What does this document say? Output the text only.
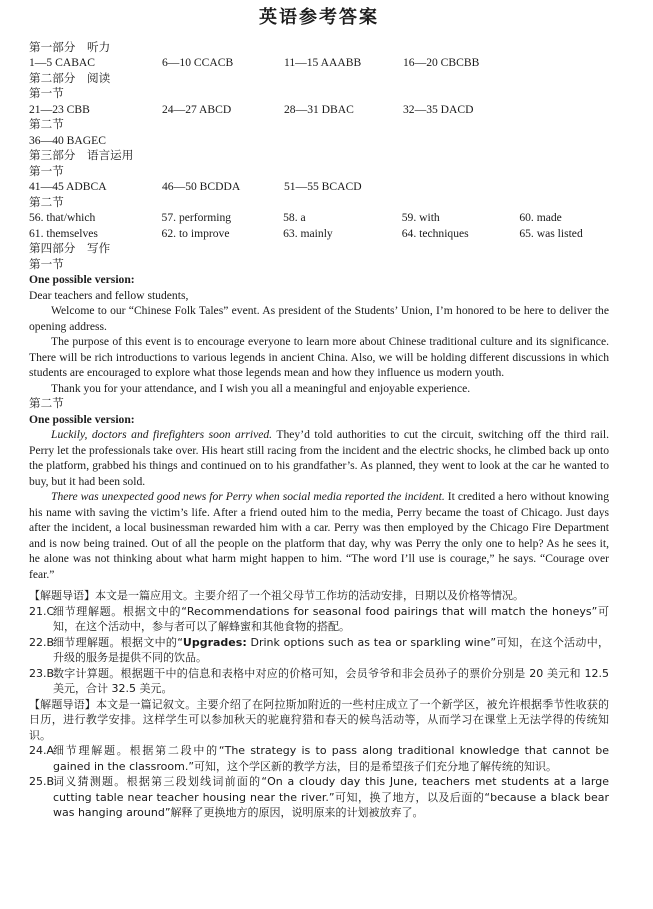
英语参考答案
第一部分　听力
1—5 CABAC	6—10 CCACB	11—15 AAABB	16—20 CBCBB
第二部分　阅读
第一节
21—23 CBB	24—27 ABCD	28—31 DBAC	32—35 DACD
第二节
36—40 BAGEC
第三部分　语言运用
第一节
41—45 ADBCA	46—50 BCDDA	51—55 BCACD
第二节
56. that/which	57. performing	58. a	59. with	60. made
61. themselves	62. to improve	63. mainly	64. techniques	65. was listed
第四部分　写作
第一节
One possible version:
Dear teachers and fellow students,

Welcome to our “Chinese Folk Tales” event. As president of the Students’ Union, I’m honored to be here to deliver the opening address.

The purpose of this event is to encourage everyone to learn more about Chinese traditional culture and its significance. There will be rich introductions to various legends in ancient China. Also, we will be holding different discussions in which students are encouraged to explore what those legends mean and how they influence us modern youth.

Thank you for your attendance, and I wish you all a meaningful and enjoyable experience.

第二节
One possible version:

Luckily, doctors and firefighters soon arrived. They’d told authorities to cut the circuit, switching off the third rail. Perry let the professionals take over. His heart still racing from the incident and the electric shocks, he climbed back up onto the platform, grabbed his things and continued on to his grandfather’s. As planned, they went to look at the car he wanted to buy, but it had been sold.

There was unexpected good news for Perry when social media reported the incident. It credited a hero without knowing his name with saving the victim’s life. After a friend outed him to the media, Perry became the toast of Chicago. Just days after the incident, a local businessman rewarded him with a car. Perry was then employed by the Chicago Fire Department and is now being trained. Out of all the people on the platform that day, why was Perry the only one to help? As he sees it, he alone was not thinking about what harm might happen to him. “The word I’ll use is courage,” he says. “Courage over fear.”

【解题导语】本文是一篇应用文。主要介绍了一个祖父母节工作坊的活动安排，日期以及价格等情况。

21.C
细节理解题。根据文中的“Recommendations for seasonal food pairings that will match the honeys”可知，在这个活动中，参与者可以了解蜂蜜和其他食物的搭配。
22.B
细节理解题。根据文中的“Upgrades: Drink options such as tea or sparkling wine”可知，在这个活动中，升级的服务是提供不同的饮品。
23.B
数字计算题。根据题干中的信息和表格中对应的价格可知，会员爷爷和非会员孙子的票价分别是 20 美元和 12.5 美元，合计 32.5 美元。

【解题导语】本文是一篇记叙文。主要介绍了在阿拉斯加附近的一些村庄成立了一个新学区，被允许根据季节性收获的日历，进行教学安排。这样学生可以参加秋天的驼鹿狩猎和春天的候鸟活动等，从而学习在课堂上无法学得的传统知识。

24.A
细节理解题。根据第二段中的“The strategy is to pass along traditional knowledge that cannot be gained in the classroom.”可知，这个学区新的教学方法，目的是希望孩子们充分地了解传统的知识。
25.B
词义猜测题。根据第三段划线词前面的“On a cloudy day this June, teachers met students at a large cutting table near teacher housing near the river.”可知，换了地方，以及后面的“because a black bear was hanging around”解释了更换地方的原因，说明原来的计划被放弃了。
